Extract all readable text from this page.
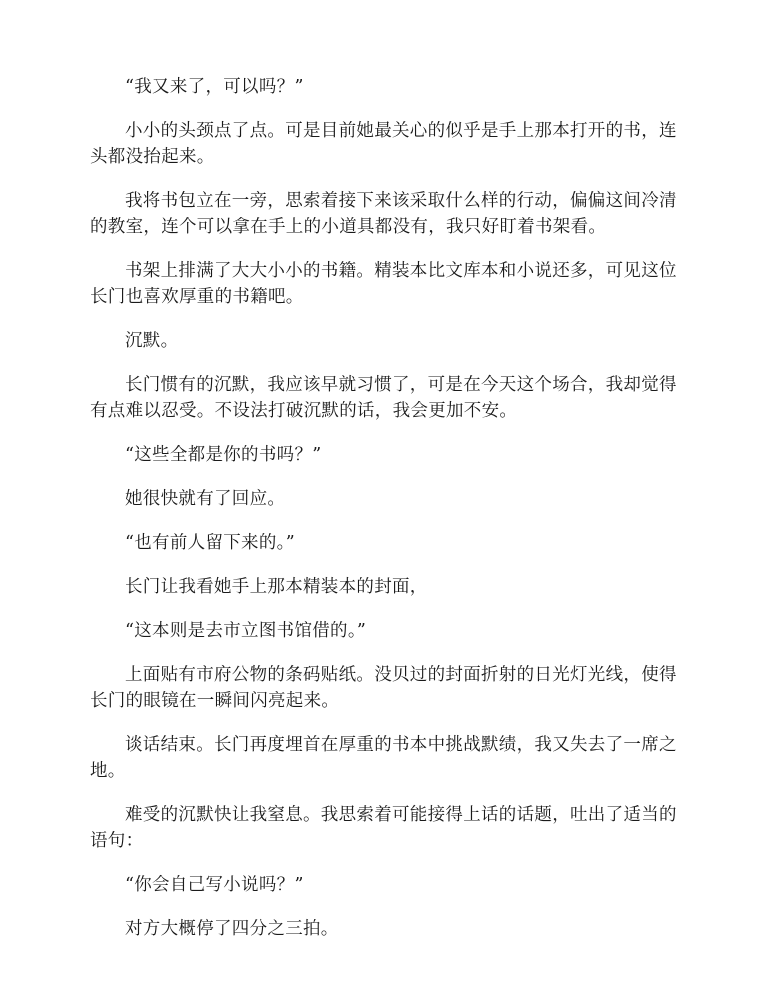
“我又来了，可以吗？”

小小的头颈点了点。可是目前她最关心的似乎是手上那本打开的书，连头都没抬起来。

我将书包立在一旁，思索着接下来该采取什么样的行动，偏偏这间冷清的教室，连个可以拿在手上的小道具都没有，我只好盯着书架看。

书架上排满了大大小小的书籍。精装本比文库本和小说还多，可见这位长门也喜欢厚重的书籍吧。

沉默。

长门惯有的沉默，我应该早就习惯了，可是在今天这个场合，我却觉得有点难以忍受。不设法打破沉默的话，我会更加不安。

“这些全都是你的书吗？”

她很快就有了回应。

“也有前人留下来的。”

长门让我看她手上那本精装本的封面，

“这本则是去市立图书馆借的。”

上面贴有市府公物的条码贴纸。没贝过的封面折射的日光灯光线，使得长门的眼镜在一瞬间闪亮起来。

谈话结束。长门再度埋首在厚重的书本中挑战默绩，我又失去了一席之地。

难受的沉默快让我窒息。我思索着可能接得上话的话题，吐出了适当的语句：

“你会自己写小说吗？”

对方大概停了四分之三拍。
